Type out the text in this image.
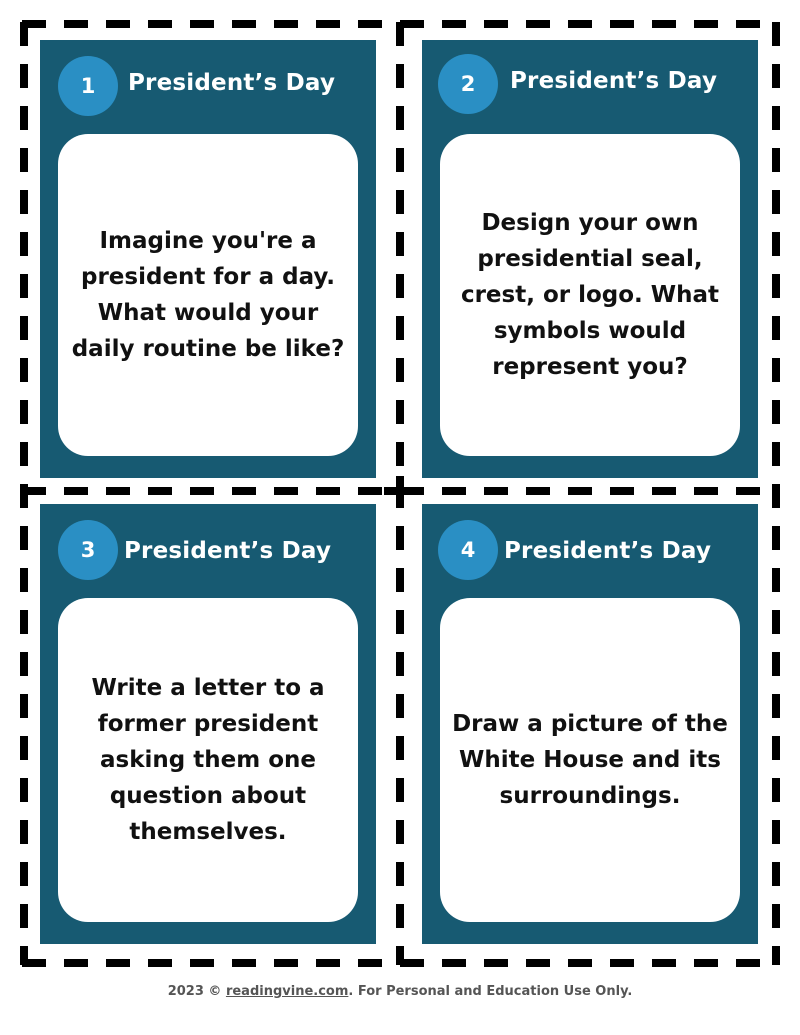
1 President’s Day
Imagine you're a president for a day. What would your daily routine be like?
2 President’s Day
Design your own presidential seal, crest, or logo. What symbols would represent you?
3 President’s Day
Write a letter to a former president asking them one question about themselves.
4 President’s Day
Draw a picture of the White House and its surroundings.
2023 © readingvine.com. For Personal and Education Use Only.
